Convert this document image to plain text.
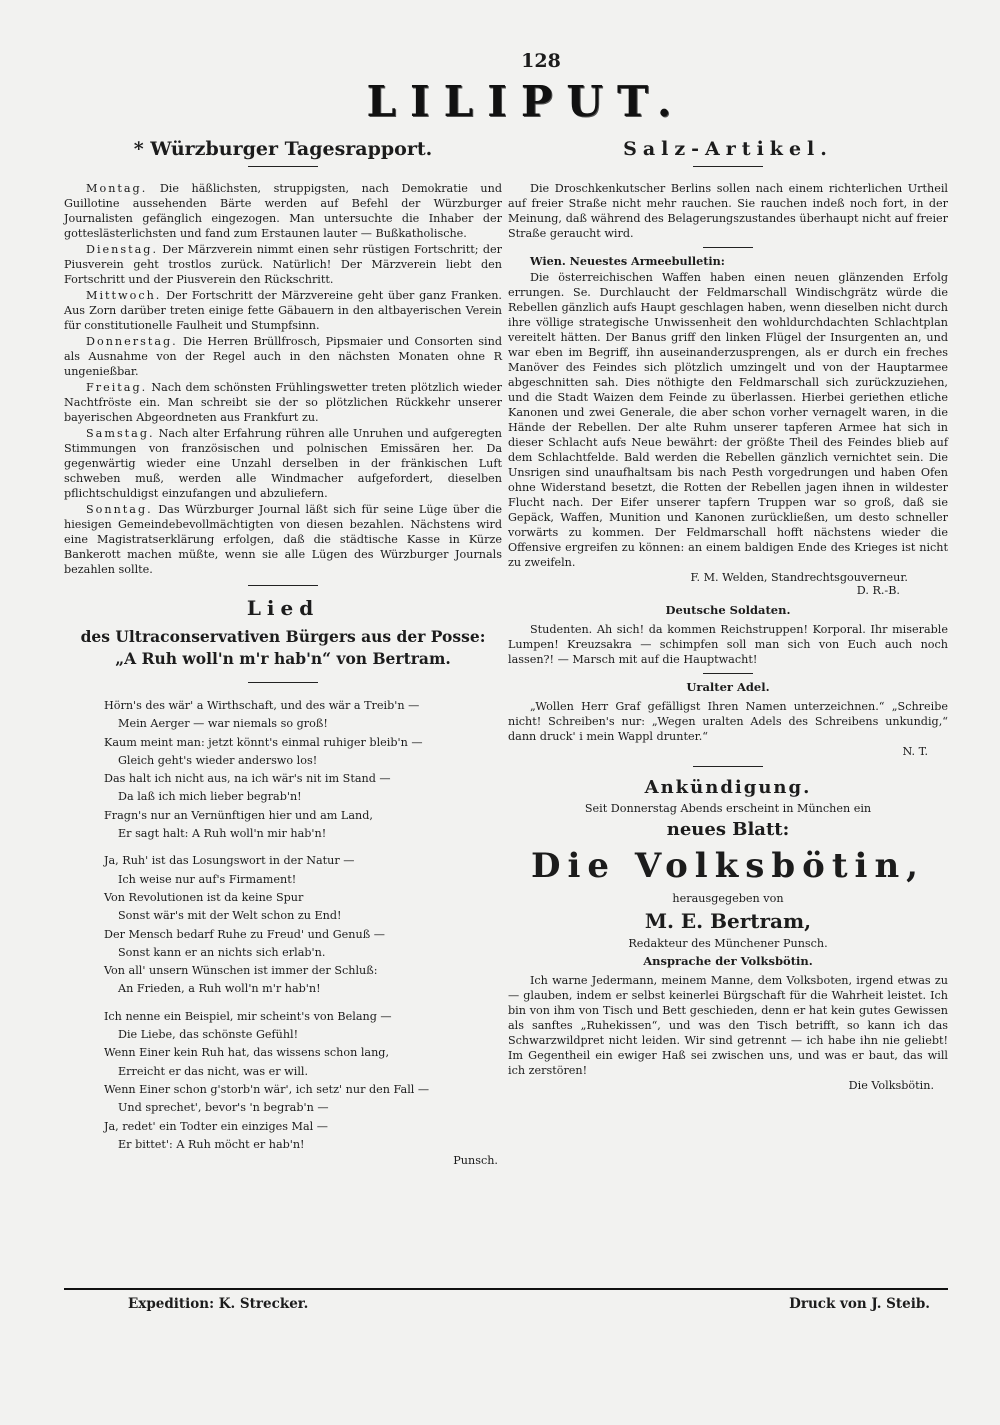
128
LILIPUT.
* Würzburger Tagesrapport.

Montag. Die häßlichsten, struppigsten, nach Demokratie und Guillotine aussehenden Bärte werden auf Befehl der Würzburger Journalisten gefänglich eingezogen. Man untersuchte die Inhaber der gotteslästerlichsten und fand zum Erstaunen lauter — Bußkatholische.

Dienstag. Der Märzverein nimmt einen sehr rüstigen Fortschritt; der Piusverein geht trostlos zurück. Natürlich! Der Märzverein liebt den Fortschritt und der Piusverein den Rückschritt.

Mittwoch. Der Fortschritt der Märzvereine geht über ganz Franken. Aus Zorn darüber treten einige fette Gäbauern in den altbayerischen Verein für constitutionelle Faulheit und Stumpfsinn.

Donnerstag. Die Herren Brüllfrosch, Pipsmaier und Consorten sind als Ausnahme von der Regel auch in den nächsten Monaten ohne R ungenießbar.

Freitag. Nach dem schönsten Frühlingswetter treten plötzlich wieder Nachtfröste ein. Man schreibt sie der so plötzlichen Rückkehr unserer bayerischen Abgeordneten aus Frankfurt zu.

Samstag. Nach alter Erfahrung rühren alle Unruhen und aufgeregten Stimmungen von französischen und polnischen Emissären her. Da gegenwärtig wieder eine Unzahl derselben in der fränkischen Luft schweben muß, werden alle Windmacher aufgefordert, dieselben pflichtschuldigst einzufangen und abzuliefern.

Sonntag. Das Würzburger Journal läßt sich für seine Lüge über die hiesigen Gemeindebevollmächtigten von diesen bezahlen. Nächstens wird eine Magistratserklärung erfolgen, daß die städtische Kasse in Kürze Bankerott machen müßte, wenn sie alle Lügen des Würzburger Journals bezahlen sollte.

Lied
des Ultraconservativen Bürgers aus der Posse: „A Ruh woll'n m'r hab'n“ von Bertram.
Hörn's des wär' a Wirthschaft, und des wär a Treib'n —
Mein Aerger — war niemals so groß!
Kaum meint man: jetzt könnt's einmal ruhiger bleib'n —
Gleich geht's wieder anderswo los!
Das halt ich nicht aus, na ich wär's nit im Stand —
Da laß ich mich lieber begrab'n!
Fragn's nur an Vernünftigen hier und am Land,
Er sagt halt: A Ruh woll'n mir hab'n!
Ja, Ruh' ist das Losungswort in der Natur —
Ich weise nur auf's Firmament!
Von Revolutionen ist da keine Spur
Sonst wär's mit der Welt schon zu End!
Der Mensch bedarf Ruhe zu Freud' und Genuß —
Sonst kann er an nichts sich erlab'n.
Von all' unsern Wünschen ist immer der Schluß:
An Frieden, a Ruh woll'n m'r hab'n!
Ich nenne ein Beispiel, mir scheint's von Belang —
Die Liebe, das schönste Gefühl!
Wenn Einer kein Ruh hat, das wissens schon lang,
Erreicht er das nicht, was er will.
Wenn Einer schon g'storb'n wär', ich setz' nur den Fall —
Und sprechet', bevor's 'n begrab'n —
Ja, redet' ein Todter ein einziges Mal —
Er bittet': A Ruh möcht er hab'n!
Punsch.
Salz-Artikel.

Die Droschkenkutscher Berlins sollen nach einem richterlichen Urtheil auf freier Straße nicht mehr rauchen. Sie rauchen indeß noch fort, in der Meinung, daß während des Belagerungszustandes überhaupt nicht auf freier Straße geraucht wird.

Wien. Neuestes Armeebulletin:

Die österreichischen Waffen haben einen neuen glänzenden Erfolg errungen. Se. Durchlaucht der Feldmarschall Windischgrätz würde die Rebellen gänzlich aufs Haupt geschlagen haben, wenn dieselben nicht durch ihre völlige strategische Unwissenheit den wohldurchdachten Schlachtplan vereitelt hätten. Der Banus griff den linken Flügel der Insurgenten an, und war eben im Begriff, ihn auseinanderzusprengen, als er durch ein freches Manöver des Feindes sich plötzlich umzingelt und von der Hauptarmee abgeschnitten sah. Dies nöthigte den Feldmarschall sich zurückzuziehen, und die Stadt Waizen dem Feinde zu überlassen. Hierbei geriethen etliche Kanonen und zwei Generale, die aber schon vorher vernagelt waren, in die Hände der Rebellen. Der alte Ruhm unserer tapferen Armee hat sich in dieser Schlacht aufs Neue bewährt: der größte Theil des Feindes blieb auf dem Schlachtfelde. Bald werden die Rebellen gänzlich vernichtet sein. Die Unsrigen sind unaufhaltsam bis nach Pesth vorgedrungen und haben Ofen ohne Widerstand besetzt, die Rotten der Rebellen jagen ihnen in wildester Flucht nach. Der Eifer unserer tapfern Truppen war so groß, daß sie Gepäck, Waffen, Munition und Kanonen zurückließen, um desto schneller vorwärts zu kommen. Der Feldmarschall hofft nächstens wieder die Offensive ergreifen zu können: an einem baldigen Ende des Krieges ist nicht zu zweifeln.

F. M. Welden, Standrechtsgouverneur.
D. R.-B.
Deutsche Soldaten.

Studenten. Ah sich! da kommen Reichstruppen! Korporal. Ihr miserable Lumpen! Kreuzsakra — schimpfen soll man sich von Euch auch noch lassen?! — Marsch mit auf die Hauptwacht!

Uralter Adel.

„Wollen Herr Graf gefälligst Ihren Namen unterzeichnen.“ „Schreibe nicht! Schreiben's nur: „Wegen uralten Adels des Schreibens unkundig,“ dann druck' i mein Wappl drunter.“

N. T.
Ankündigung.
Seit Donnerstag Abends erscheint in München ein
neues Blatt:
Die Volksbötin,
herausgegeben von
M. E. Bertram,
Redakteur des Münchener Punsch.
Ansprache der Volksbötin.

Ich warne Jedermann, meinem Manne, dem Volksboten, irgend etwas zu — glauben, indem er selbst keinerlei Bürgschaft für die Wahrheit leistet. Ich bin von ihm von Tisch und Bett geschieden, denn er hat kein gutes Gewissen als sanftes „Ruhekissen“, und was den Tisch betrifft, so kann ich das Schwarzwildpret nicht leiden. Wir sind getrennt — ich habe ihn nie geliebt! Im Gegentheil ein ewiger Haß sei zwischen uns, und was er baut, das will ich zerstören!

Die Volksbötin.
Expedition: K. Strecker.	Druck von J. Steib.
